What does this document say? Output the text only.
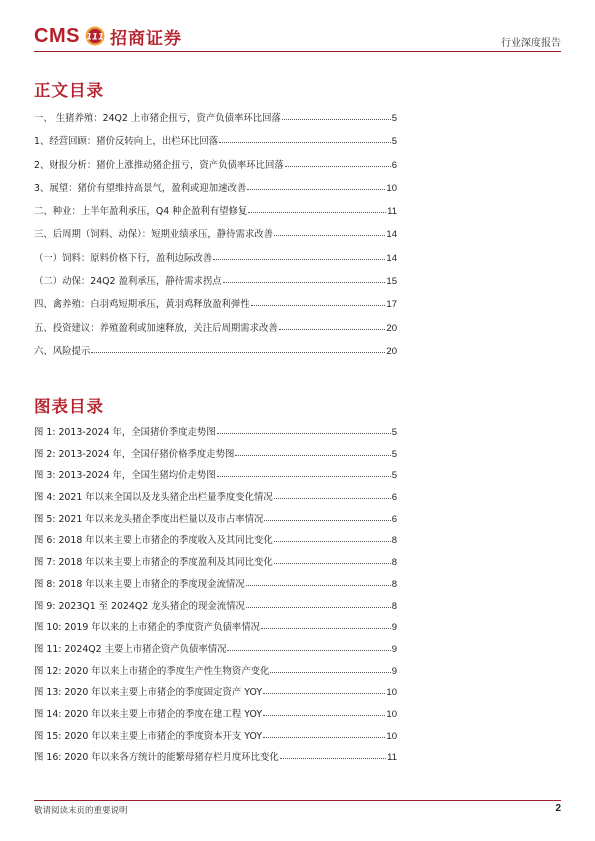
CMS 111 招商证券	行业深度报告
正文目录
一、 生猪养殖：24Q2 上市猪企扭亏，资产负债率环比回落	5
1、经营回顾：猪价反转向上，出栏环比回落	5
2、财报分析：猪价上涨推动猪企扭亏，资产负债率环比回落	6
3、展望：猪价有望维持高景气，盈利或迎加速改善	10
二、种业：上半年盈利承压，Q4 种企盈利有望修复	11
三、后周期（饲料、动保）：短期业绩承压，静待需求改善	14
（一）饲料：原料价格下行，盈利边际改善	14
（二）动保：24Q2 盈利承压，静待需求拐点	15
四、禽养殖：白羽鸡短期承压，黄羽鸡释放盈利弹性	17
五、投资建议：养殖盈利或加速释放，关注后周期需求改善	20
六、风险提示	20
图表目录
图 1: 2013-2024 年，全国猪价季度走势图	5
图 2: 2013-2024 年，全国仔猪价格季度走势图	5
图 3: 2013-2024 年，全国生猪均价走势图	5
图 4: 2021 年以来全国以及龙头猪企出栏量季度变化情况	6
图 5: 2021 年以来龙头猪企季度出栏量以及市占率情况	6
图 6: 2018 年以来主要上市猪企的季度收入及其同比变化	8
图 7: 2018 年以来主要上市猪企的季度盈利及其同比变化	8
图 8: 2018 年以来主要上市猪企的季度现金流情况	8
图 9: 2023Q1 至 2024Q2 龙头猪企的现金流情况	8
图 10: 2019 年以来的上市猪企的季度资产负债率情况	9
图 11: 2024Q2 主要上市猪企资产负债率情况	9
图 12: 2020 年以来上市猪企的季度生产性生物资产变化	9
图 13: 2020 年以来主要上市猪企的季度固定资产 YOY	10
图 14: 2020 年以来主要上市猪企的季度在建工程 YOY	10
图 15: 2020 年以来主要上市猪企的季度资本开支 YOY	10
图 16: 2020 年以来各方统计的能繁母猪存栏月度环比变化	11
敬请阅读末页的重要说明	2
